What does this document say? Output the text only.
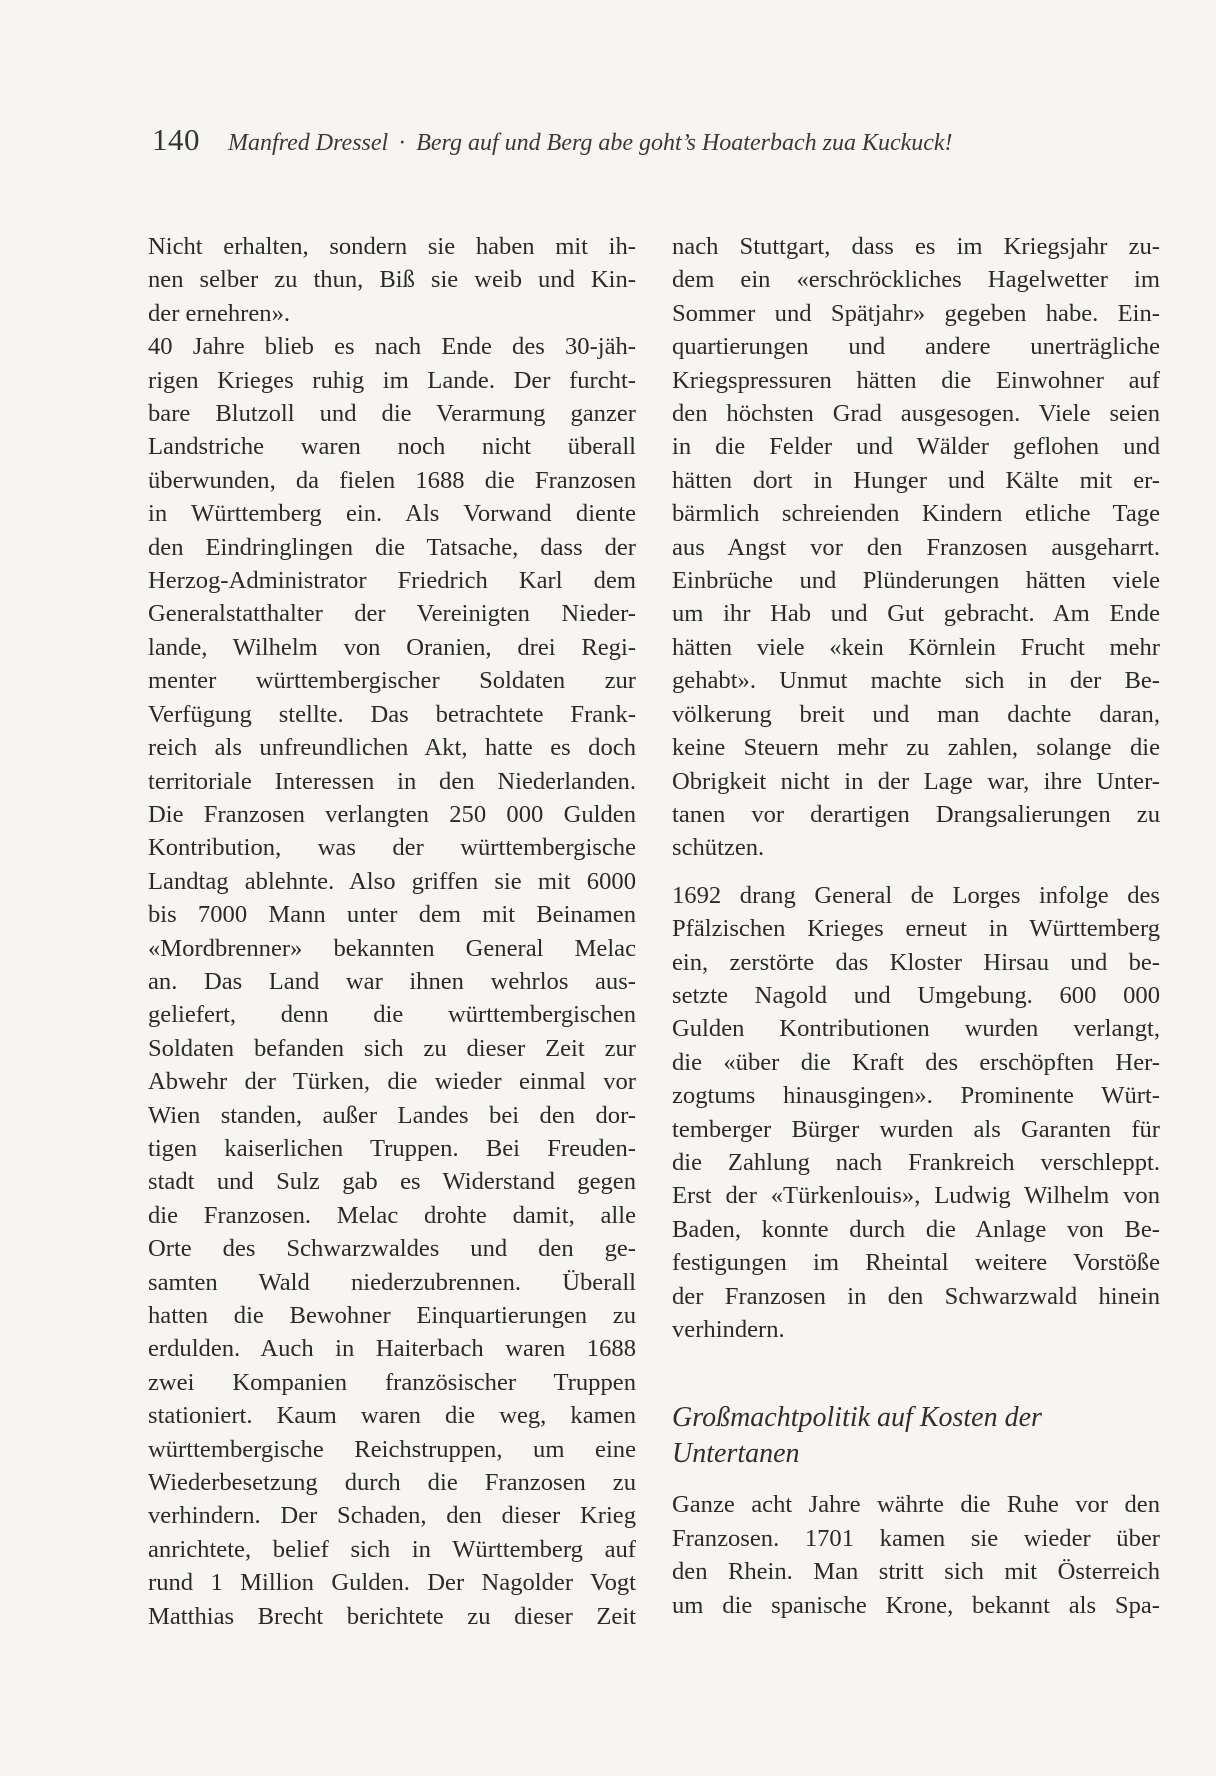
140 Manfred Dressel · Berg auf und Berg abe goht’s Hoaterbach zua Kuckuck!

Nicht erhalten, sondern sie haben mit ih-
nen selber zu thun, Biß sie weib und Kin-
der ernehren».

40 Jahre blieb es nach Ende des 30-jäh-
rigen Krieges ruhig im Lande. Der furcht-
bare Blutzoll und die Verarmung ganzer
Landstriche waren noch nicht überall
überwunden, da fielen 1688 die Franzosen
in Württemberg ein. Als Vorwand diente
den Eindringlingen die Tatsache, dass der
Herzog-Administrator Friedrich Karl dem
Generalstatthalter der Vereinigten Nieder-
lande, Wilhelm von Oranien, drei Regi-
menter württembergischer Soldaten zur
Verfügung stellte. Das betrachtete Frank-
reich als unfreundlichen Akt, hatte es doch
territoriale Interessen in den Niederlanden.
Die Franzosen verlangten 250 000 Gulden
Kontribution, was der württembergische
Landtag ablehnte. Also griffen sie mit 6000
bis 7000 Mann unter dem mit Beinamen
«Mordbrenner» bekannten General Melac
an. Das Land war ihnen wehrlos aus-
geliefert, denn die württembergischen
Soldaten befanden sich zu dieser Zeit zur
Abwehr der Türken, die wieder einmal vor
Wien standen, außer Landes bei den dor-
tigen kaiserlichen Truppen. Bei Freuden-
stadt und Sulz gab es Widerstand gegen
die Franzosen. Melac drohte damit, alle
Orte des Schwarzwaldes und den ge-
samten Wald niederzubrennen. Überall
hatten die Bewohner Einquartierungen zu
erdulden. Auch in Haiterbach waren 1688
zwei Kompanien französischer Truppen
stationiert. Kaum waren die weg, kamen
württembergische Reichstruppen, um eine
Wiederbesetzung durch die Franzosen zu
verhindern. Der Schaden, den dieser Krieg
anrichtete, belief sich in Württemberg auf
rund 1 Million Gulden. Der Nagolder Vogt
Matthias Brecht berichtete zu dieser Zeit

nach Stuttgart, dass es im Kriegsjahr zu-
dem ein «erschröckliches Hagelwetter im
Sommer und Spätjahr» gegeben habe. Ein-
quartierungen und andere unerträgliche
Kriegspressuren hätten die Einwohner auf
den höchsten Grad ausgesogen. Viele seien
in die Felder und Wälder geflohen und
hätten dort in Hunger und Kälte mit er-
bärmlich schreienden Kindern etliche Tage
aus Angst vor den Franzosen ausgeharrt.
Einbrüche und Plünderungen hätten viele
um ihr Hab und Gut gebracht. Am Ende
hätten viele «kein Körnlein Frucht mehr
gehabt». Unmut machte sich in der Be-
völkerung breit und man dachte daran,
keine Steuern mehr zu zahlen, solange die
Obrigkeit nicht in der Lage war, ihre Unter-
tanen vor derartigen Drangsalierungen zu
schützen.

1692 drang General de Lorges infolge des
Pfälzischen Krieges erneut in Württemberg
ein, zerstörte das Kloster Hirsau und be-
setzte Nagold und Umgebung. 600 000
Gulden Kontributionen wurden verlangt,
die «über die Kraft des erschöpften Her-
zogtums hinausgingen». Prominente Würt-
temberger Bürger wurden als Garanten für
die Zahlung nach Frankreich verschleppt.
Erst der «Türkenlouis», Ludwig Wilhelm von
Baden, konnte durch die Anlage von Be-
festigungen im Rheintal weitere Vorstöße
der Franzosen in den Schwarzwald hinein
verhindern.

Großmachtpolitik auf Kosten der
Untertanen

Ganze acht Jahre währte die Ruhe vor den
Franzosen. 1701 kamen sie wieder über
den Rhein. Man stritt sich mit Österreich
um die spanische Krone, bekannt als Spa-
